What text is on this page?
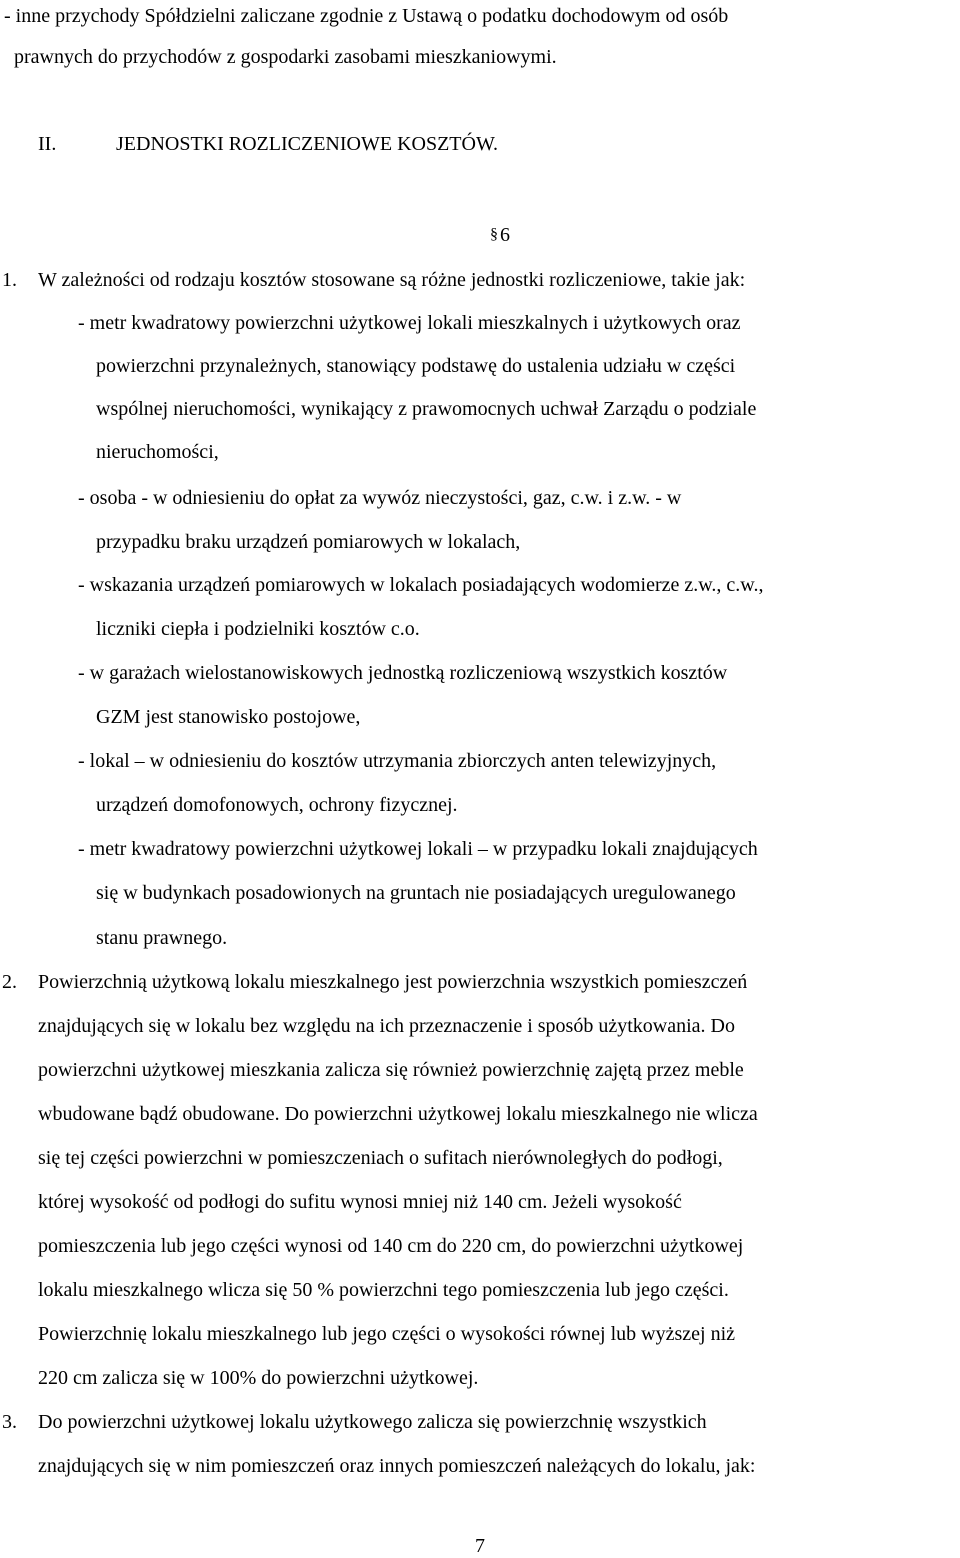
- inne przychody Spółdzielni zaliczane zgodnie z Ustawą o podatku dochodowym od osób
prawnych do przychodów z gospodarki zasobami mieszkaniowymi.
II.	JEDNOSTKI ROZLICZENIOWE KOSZTÓW.
§ 6
1. W zależności od rodzaju kosztów stosowane są różne jednostki rozliczeniowe, takie jak:
- metr kwadratowy powierzchni użytkowej lokali mieszkalnych i użytkowych oraz
powierzchni przynależnych, stanowiący podstawę do ustalenia udziału w części
wspólnej nieruchomości, wynikający z prawomocnych uchwał Zarządu o podziale
nieruchomości,
- osoba - w odniesieniu do opłat za wywóz nieczystości, gaz, c.w. i z.w. - w
przypadku braku urządzeń pomiarowych w lokalach,
- wskazania urządzeń pomiarowych w lokalach posiadających wodomierze z.w., c.w.,
liczniki ciepła i podzielniki kosztów c.o.
- w garażach wielostanowiskowych jednostką rozliczeniową wszystkich kosztów
GZM jest stanowisko postojowe,
- lokal – w odniesieniu do kosztów utrzymania zbiorczych anten telewizyjnych,
urządzeń domofonowych, ochrony fizycznej.
- metr kwadratowy powierzchni użytkowej lokali – w przypadku lokali znajdujących
się w budynkach posadowionych na gruntach nie posiadających uregulowanego
stanu prawnego.
2. Powierzchnią użytkową lokalu mieszkalnego jest powierzchnia wszystkich pomieszczeń
znajdujących się w lokalu bez względu na ich przeznaczenie i sposób użytkowania. Do
powierzchni użytkowej mieszkania zalicza się również powierzchnię zajętą przez meble
wbudowane bądź obudowane. Do powierzchni użytkowej lokalu mieszkalnego nie wlicza
się tej części powierzchni w pomieszczeniach o sufitach nierównoległych do podłogi,
której wysokość od podłogi do sufitu wynosi mniej niż 140 cm. Jeżeli wysokość
pomieszczenia lub jego części wynosi od 140 cm do 220 cm, do powierzchni użytkowej
lokalu mieszkalnego wlicza się 50 % powierzchni tego pomieszczenia lub jego części.
Powierzchnię lokalu mieszkalnego lub jego części o wysokości równej lub wyższej niż
220 cm zalicza się w 100% do powierzchni użytkowej.
3. Do powierzchni użytkowej lokalu użytkowego zalicza się powierzchnię wszystkich
znajdujących się w nim pomieszczeń oraz innych pomieszczeń należących do lokalu, jak:
7
